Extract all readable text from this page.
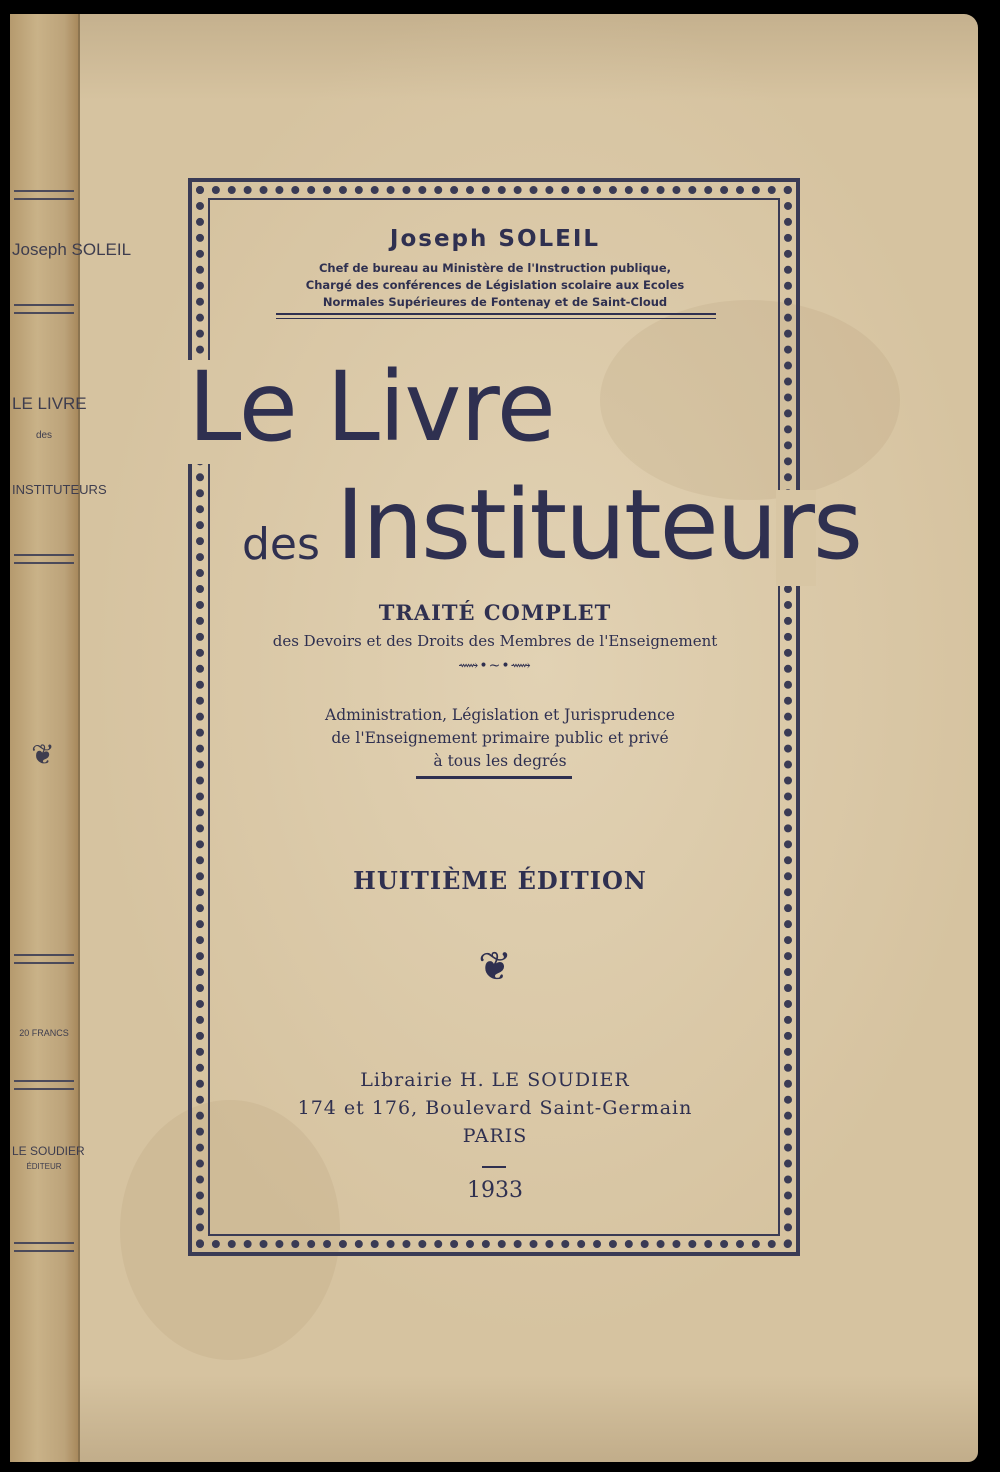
Joseph SOLEIL
LE LIVRE
des
INSTITUTEURS
❦
20 FRANCS
LE SOUDIER
ÉDITEUR
Joseph SOLEIL
Chef de bureau au Ministère de l'Instruction publique,
Chargé des conférences de Législation scolaire aux Ecoles
Normales Supérieures de Fontenay et de Saint-Cloud
Le Livre
des Instituteurs
TRAITÉ COMPLET
des Devoirs et des Droits des Membres de l'Enseignement
⟿•~•⟿
Administration, Législation et Jurisprudence
de l'Enseignement primaire public et privé
à tous les degrés
HUITIÈME ÉDITION
❦
Librairie H. LE SOUDIER
174 et 176, Boulevard Saint-Germain
PARIS
1933
